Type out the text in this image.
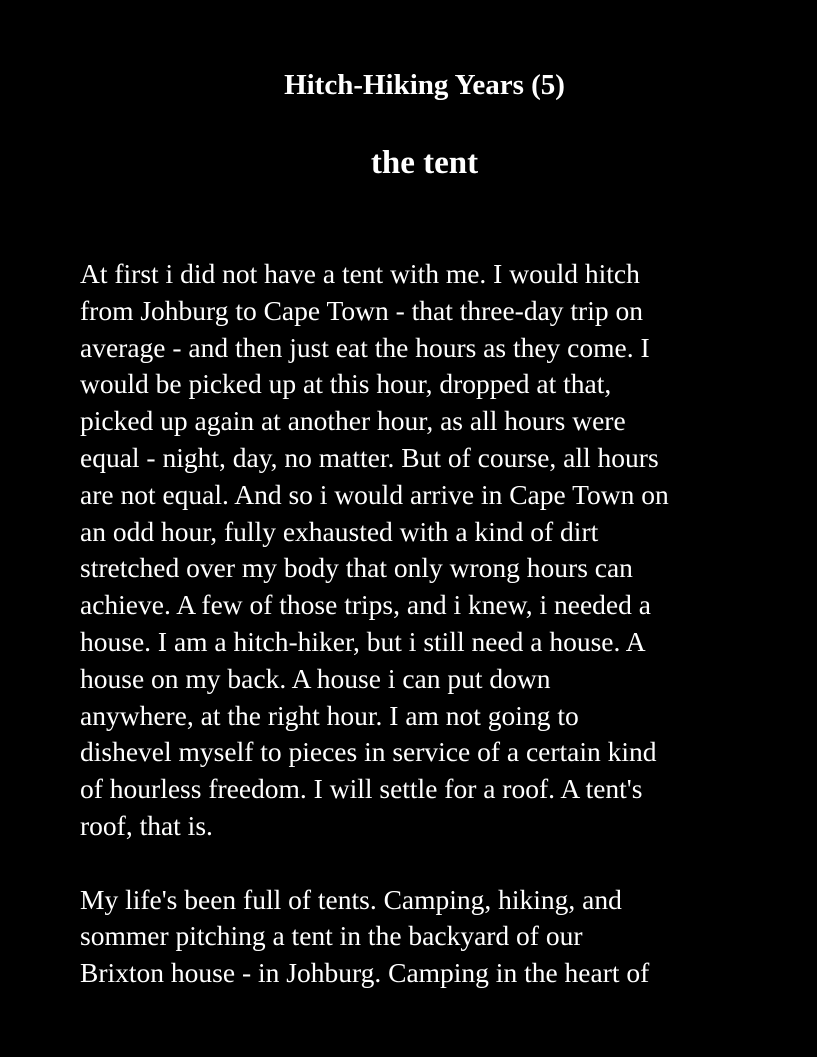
Hitch-Hiking Years (5)
the tent

At first i did not have a tent with me. I would hitch
from Johburg to Cape Town - that three-day trip on
average - and then just eat the hours as they come. I
would be picked up at this hour, dropped at that,
picked up again at another hour, as all hours were
equal - night, day, no matter. But of course, all hours
are not equal. And so i would arrive in Cape Town on
an odd hour, fully exhausted with a kind of dirt
stretched over my body that only wrong hours can
achieve. A few of those trips, and i knew, i needed a
house. I am a hitch-hiker, but i still need a house. A
house on my back. A house i can put down
anywhere, at the right hour. I am not going to
dishevel myself to pieces in service of a certain kind
of hourless freedom. I will settle for a roof. A tent's
roof, that is.

My life's been full of tents. Camping, hiking, and
sommer pitching a tent in the backyard of our
Brixton house - in Johburg. Camping in the heart of
